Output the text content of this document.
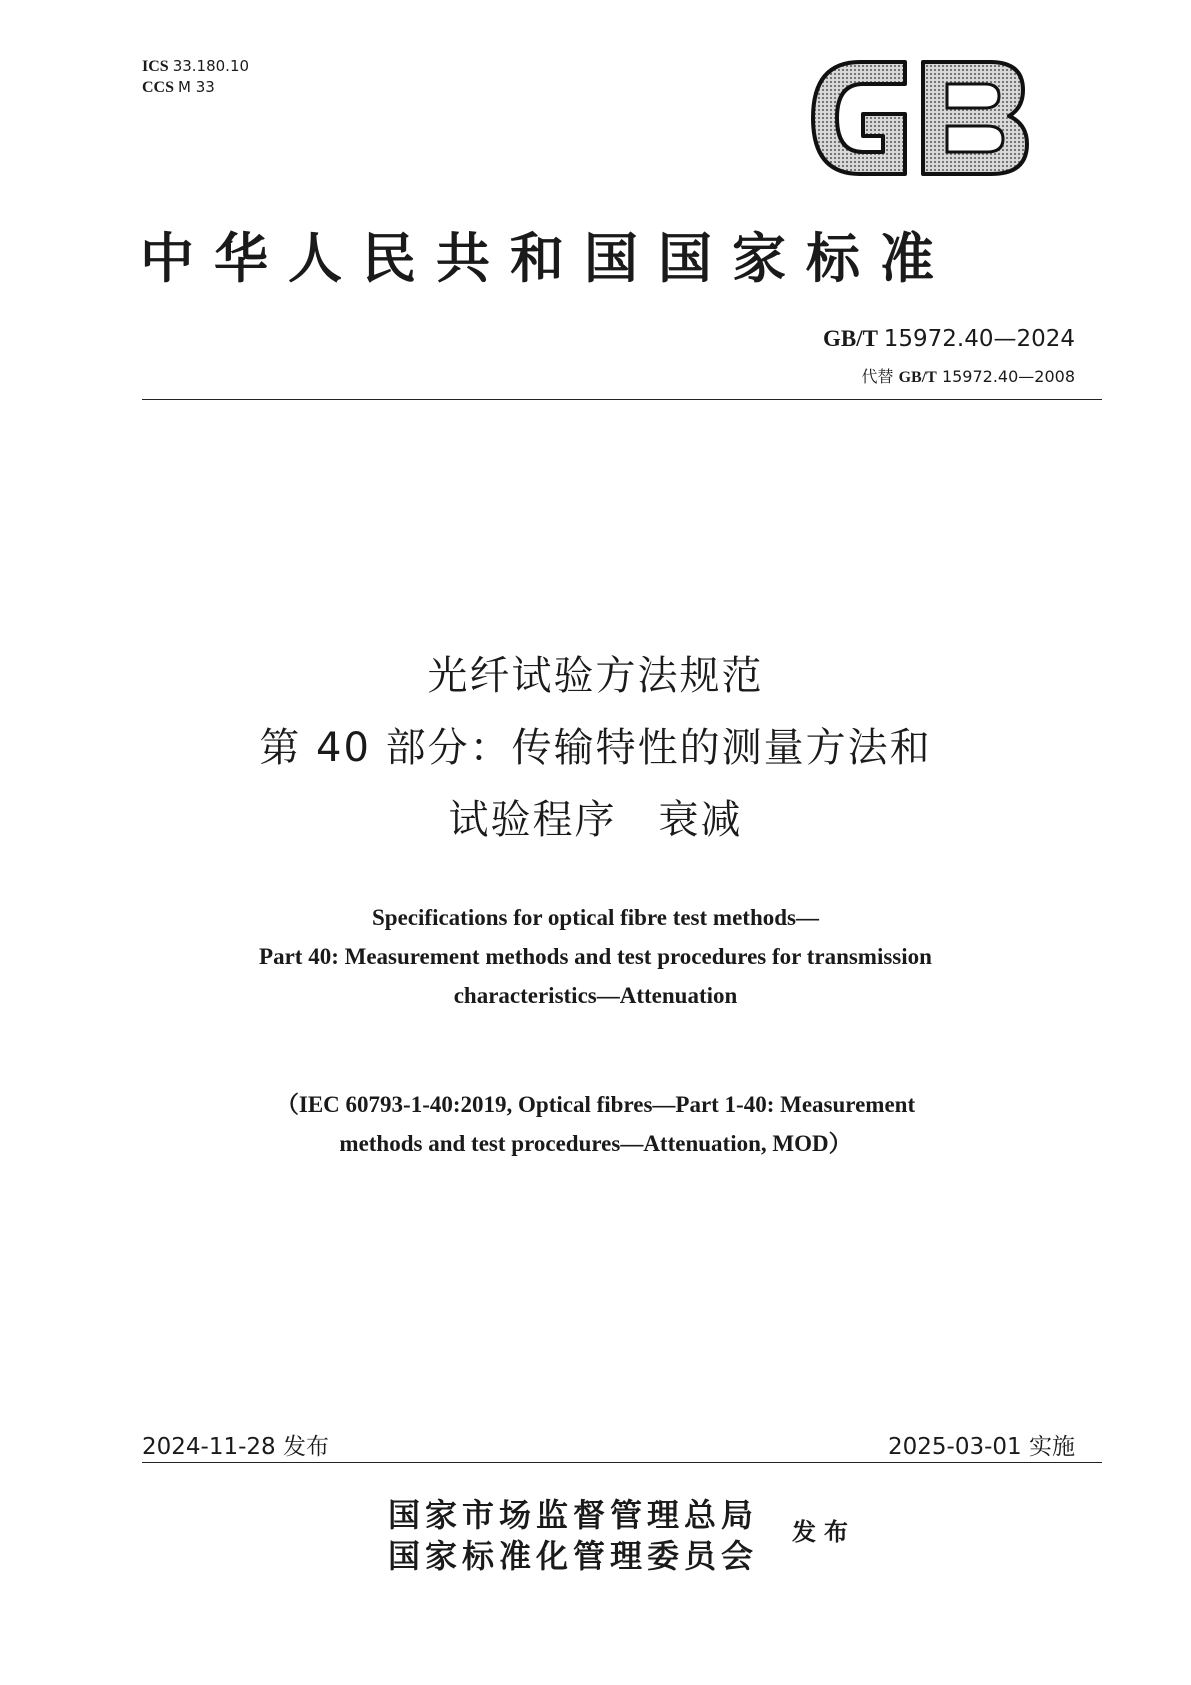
ICS 33.180.10
CCS M 33
中华人民共和国国家标准
GB/T 15972.40—2024
代替 GB/T 15972.40—2008
光纤试验方法规范
第 40 部分：传输特性的测量方法和
试验程序　衰减
Specifications for optical fibre test methods—
Part 40: Measurement methods and test procedures for transmission
characteristics—Attenuation
（IEC 60793-1-40:2019, Optical fibres—Part 1-40: Measurement
methods and test procedures—Attenuation, MOD）
2024-11-28 发布	2025-03-01 实施
国家市场监督管理总局
国家标准化管理委员会
发布
